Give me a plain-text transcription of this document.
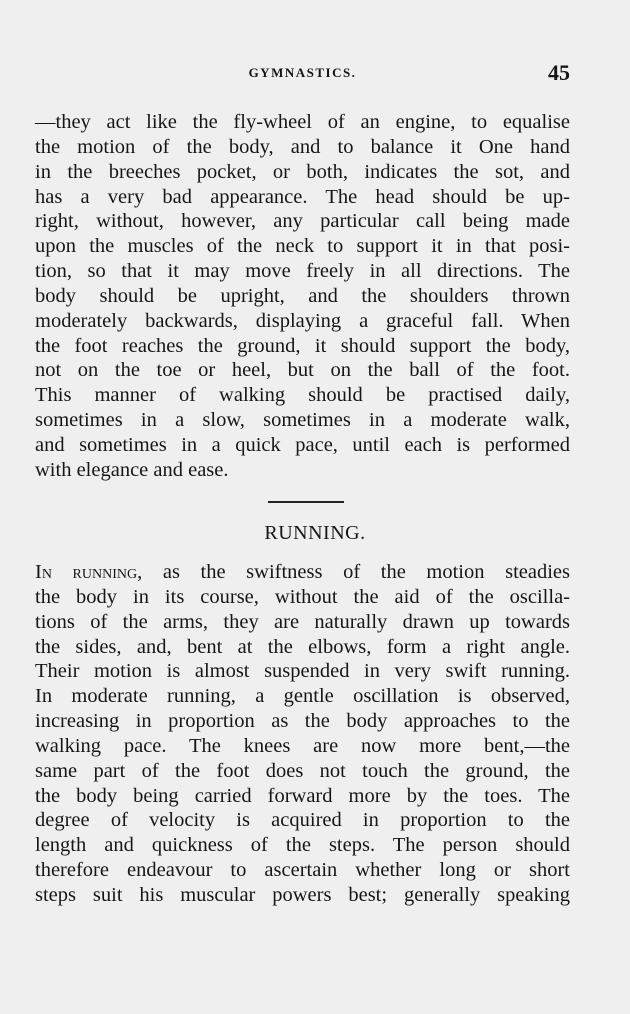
GYMNASTICS.	45
—they act like the fly-wheel of an engine, to equalise
the motion of the body, and to balance it One hand
in the breeches pocket, or both, indicates the sot, and
has a very bad appearance. The head should be up-
right, without, however, any particular call being made
upon the muscles of the neck to support it in that posi-
tion, so that it may move freely in all directions. The
body should be upright, and the shoulders thrown
moderately backwards, displaying a graceful fall. When
the foot reaches the ground, it should support the body,
not on the toe or heel, but on the ball of the foot.
This manner of walking should be practised daily,
sometimes in a slow, sometimes in a moderate walk,
and sometimes in a quick pace, until each is performed
with elegance and ease.
RUNNING.
In running, as the swiftness of the motion steadies
the body in its course, without the aid of the oscilla-
tions of the arms, they are naturally drawn up towards
the sides, and, bent at the elbows, form a right angle.
Their motion is almost suspended in very swift running.
In moderate running, a gentle oscillation is observed,
increasing in proportion as the body approaches to the
walking pace. The knees are now more bent,—the
same part of the foot does not touch the ground, the
the body being carried forward more by the toes. The
degree of velocity is acquired in proportion to the
length and quickness of the steps. The person should
therefore endeavour to ascertain whether long or short
steps suit his muscular powers best; generally speaking
